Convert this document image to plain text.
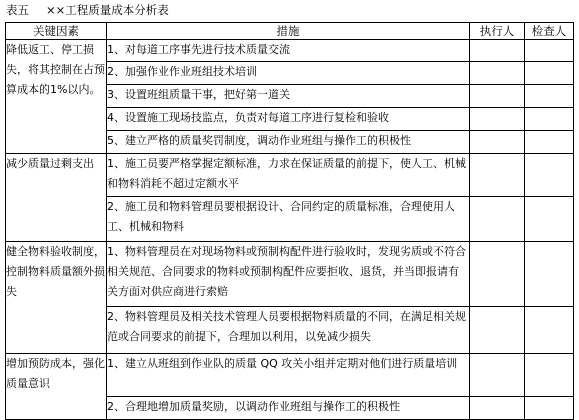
表五 ××工程质量成本分析表
关键因素	措施	执行人	检查人
降低返工、停工损失，将其控制在占预算成本的1%以内。	1、对每道工序事先进行技术质量交流		
	2、加强作业作业班组技术培训		
	3、设置班组质量干事，把好第一道关		
	4、设置施工现场技监点，负责对每道工序进行复检和验收		
	5、建立严格的质量奖罚制度，调动作业班组与操作工的积极性		
减少质量过剩支出	1、施工员要严格掌握定额标准，力求在保证质量的前提下，使人工、机械和物料消耗不超过定额水平		
	2、施工员和物料管理员要根据设计、合同约定的质量标准，合理使用人工、机械和物料		
健全物料验收制度，控制物料质量额外损失	1、物料管理员在对现场物料或预制构配件进行验收时，发现劣质或不符合相关规范、合同要求的物料或预制构配件应要拒收、退货，并当即报请有关方面对供应商进行索赔		
	2、物料管理员及相关技术管理人员要根据物料质量的不同，在满足相关规范或合同要求的前提下，合理加以利用，以免减少损失		
增加预防成本，强化质量意识	1、建立从班组到作业队的质量 QQ 攻关小组并定期对他们进行质量培训		
	2、合理地增加质量奖励，以调动作业班组与操作工的积极性		
